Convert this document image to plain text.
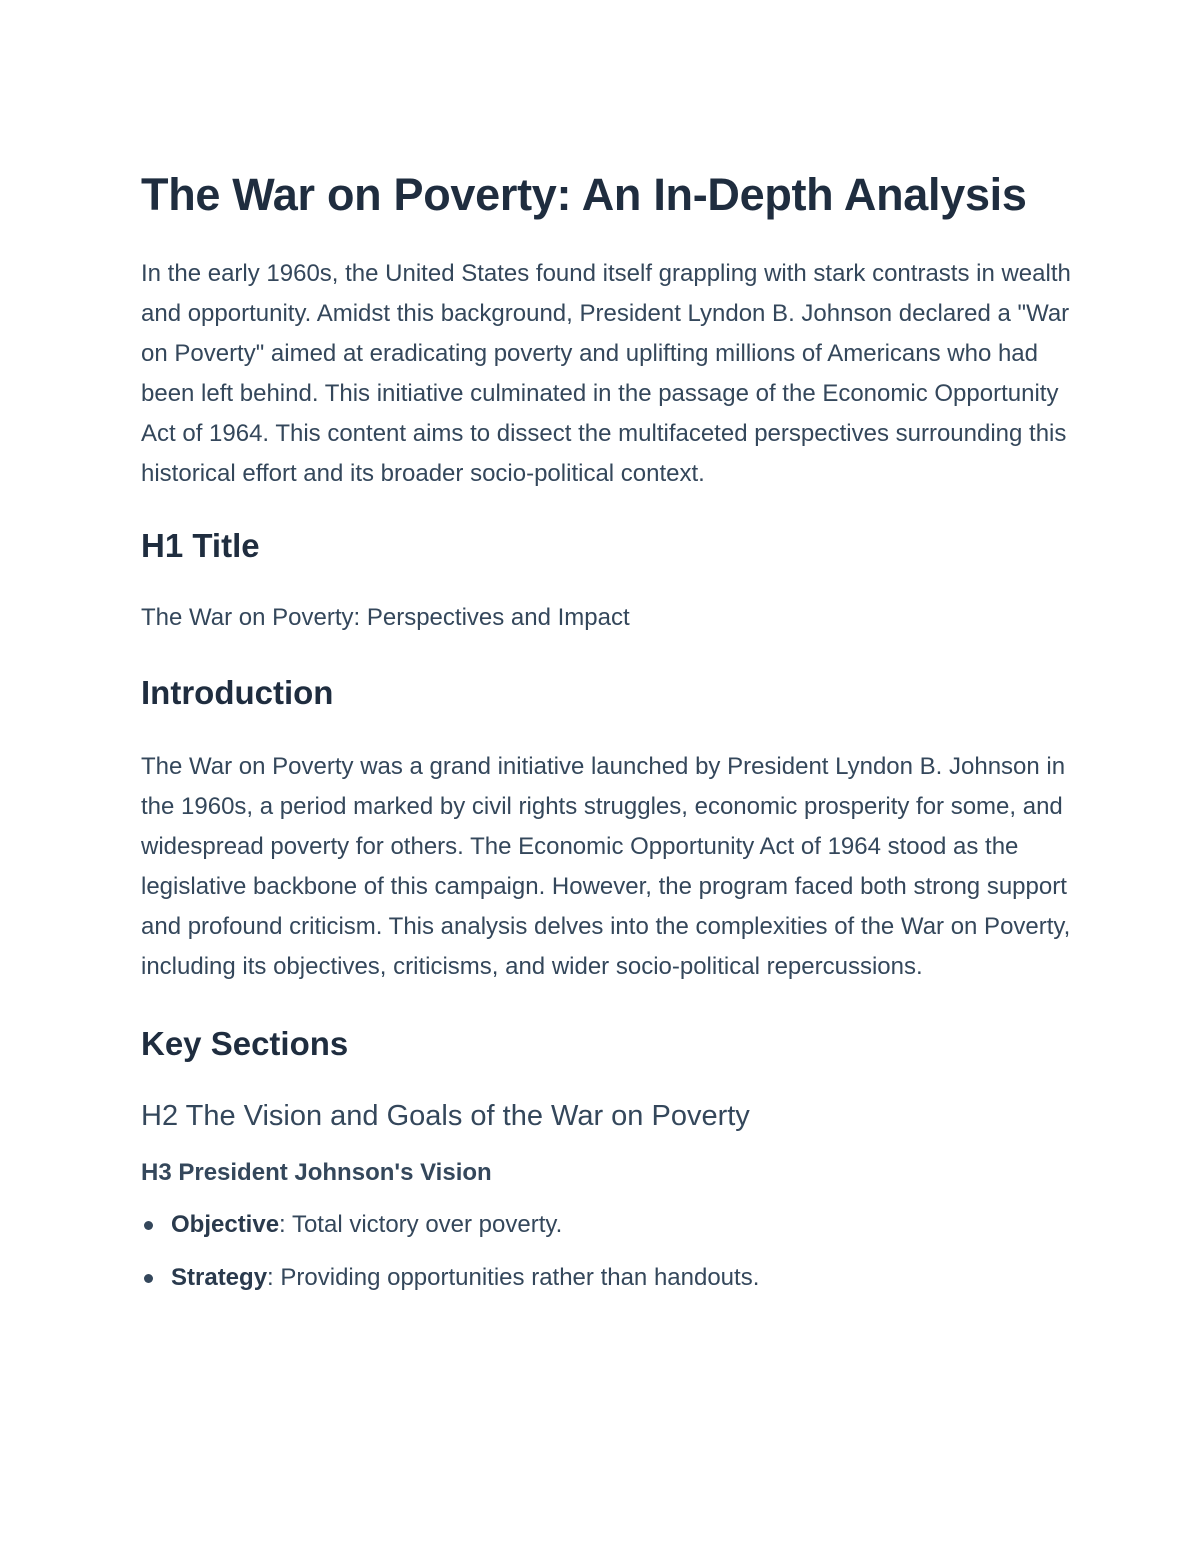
The War on Poverty: An In-Depth Analysis

In the early 1960s, the United States found itself grappling with stark contrasts in wealth and opportunity. Amidst this background, President Lyndon B. Johnson declared a "War on Poverty" aimed at eradicating poverty and uplifting millions of Americans who had been left behind. This initiative culminated in the passage of the Economic Opportunity Act of 1964. This content aims to dissect the multifaceted perspectives surrounding this historical effort and its broader socio-political context.

H1 Title

The War on Poverty: Perspectives and Impact

Introduction

The War on Poverty was a grand initiative launched by President Lyndon B. Johnson in the 1960s, a period marked by civil rights struggles, economic prosperity for some, and widespread poverty for others. The Economic Opportunity Act of 1964 stood as the legislative backbone of this campaign. However, the program faced both strong support and profound criticism. This analysis delves into the complexities of the War on Poverty, including its objectives, criticisms, and wider socio-political repercussions.

Key Sections
H2 The Vision and Goals of the War on Poverty
H3 President Johnson's Vision
Objective: Total victory over poverty.
Strategy: Providing opportunities rather than handouts.
